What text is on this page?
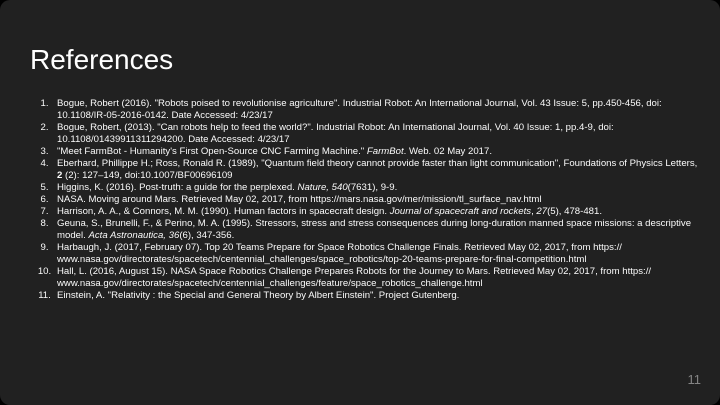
References
1. Bogue, Robert (2016). "Robots poised to revolutionise agriculture". Industrial Robot: An International Journal, Vol. 43 Issue: 5, pp.450-456, doi: 10.1108/IR-05-2016-0142. Date Accessed: 4/23/17
2. Bogue, Robert, (2013). "Can robots help to feed the world?". Industrial Robot: An International Journal, Vol. 40 Issue: 1, pp.4-9, doi: 10.1108/01439911311294200. Date Accessed: 4/23/17
3. "Meet FarmBot - Humanity's First Open-Source CNC Farming Machine." FarmBot. Web. 02 May 2017.
4. Eberhard, Phillippe H.; Ross, Ronald R. (1989), "Quantum field theory cannot provide faster than light communication", Foundations of Physics Letters, 2 (2): 127–149, doi:10.1007/BF00696109
5. Higgins, K. (2016). Post-truth: a guide for the perplexed. Nature, 540(7631), 9-9.
6. NASA. Moving around Mars. Retrieved May 02, 2017, from https://mars.nasa.gov/mer/mission/tl_surface_nav.html
7. Harrison, A. A., & Connors, M. M. (1990). Human factors in spacecraft design. Journal of spacecraft and rockets, 27(5), 478-481.
8. Geuna, S., Brunelli, F., & Perino, M. A. (1995). Stressors, stress and stress consequences during long-duration manned space missions: a descriptive model. Acta Astronautica, 36(6), 347-356.
9. Harbaugh, J. (2017, February 07). Top 20 Teams Prepare for Space Robotics Challenge Finals. Retrieved May 02, 2017, from https://​www.nasa.gov/directorates/spacetech/centennial_challenges/space_robotics/top-20-teams-prepare-for-final-competition.html
10. Hall, L. (2016, August 15). NASA Space Robotics Challenge Prepares Robots for the Journey to Mars. Retrieved May 02, 2017, from https://​www.nasa.gov/directorates/spacetech/centennial_challenges/feature/space_robotics_challenge.html
11. Einstein, A. "Relativity : the Special and General Theory by Albert Einstein". Project Gutenberg.
11
